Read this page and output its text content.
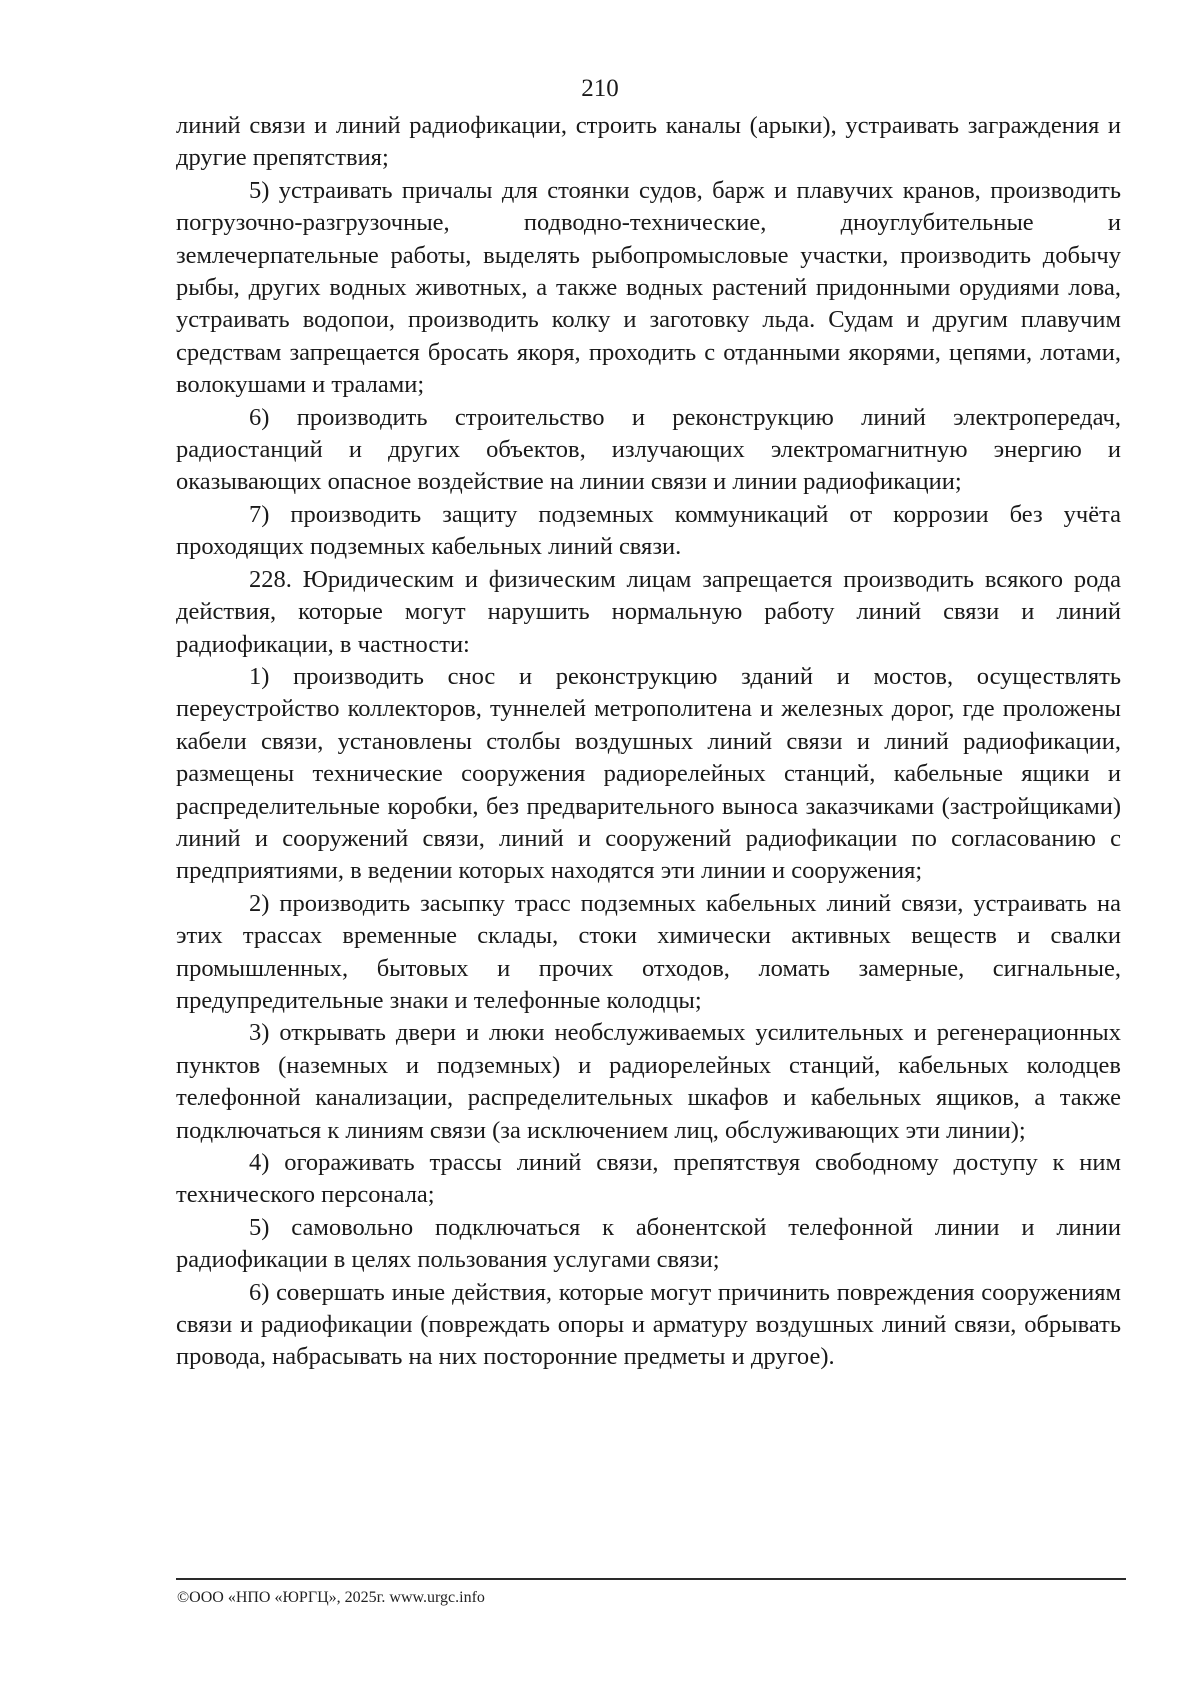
210

линий связи и линий радиофикации, строить каналы (арыки), устраивать заграждения и другие препятствия;

5) устраивать причалы для стоянки судов, барж и плавучих кранов, производить погрузочно-разгрузочные, подводно-технические, дноуглубительные и землечерпательные работы, выделять рыбопромысловые участки, производить добычу рыбы, других водных животных, а также водных растений придонными орудиями лова, устраивать водопои, производить колку и заготовку льда. Судам и другим плавучим средствам запрещается бросать якоря, проходить с отданными якорями, цепями, лотами, волокушами и тралами;

6) производить строительство и реконструкцию линий электропередач, радиостанций и других объектов, излучающих электромагнитную энергию и оказывающих опасное воздействие на линии связи и линии радиофикации;

7) производить защиту подземных коммуникаций от коррозии без учёта проходящих подземных кабельных линий связи.

228. Юридическим и физическим лицам запрещается производить всякого рода действия, которые могут нарушить нормальную работу линий связи и линий радиофикации, в частности:

1) производить снос и реконструкцию зданий и мостов, осуществлять переустройство коллекторов, туннелей метрополитена и железных дорог, где проложены кабели связи, установлены столбы воздушных линий связи и линий радиофикации, размещены технические сооружения радиорелейных станций, кабельные ящики и распределительные коробки, без предварительного выноса заказчиками (застройщиками) линий и сооружений связи, линий и сооружений радиофикации по согласованию с предприятиями, в ведении которых находятся эти линии и сооружения;

2) производить засыпку трасс подземных кабельных линий связи, устраивать на этих трассах временные склады, стоки химически активных веществ и свалки промышленных, бытовых и прочих отходов, ломать замерные, сигнальные, предупредительные знаки и телефонные колодцы;

3) открывать двери и люки необслуживаемых усилительных и регенерационных пунктов (наземных и подземных) и радиорелейных станций, кабельных колодцев телефонной канализации, распределительных шкафов и кабельных ящиков, а также подключаться к линиям связи (за исключением лиц, обслуживающих эти линии);

4) огораживать трассы линий связи, препятствуя свободному доступу к ним технического персонала;

5) самовольно подключаться к абонентской телефонной линии и линии радиофикации в целях пользования услугами связи;

6) совершать иные действия, которые могут причинить повреждения сооружениям связи и радиофикации (повреждать опоры и арматуру воздушных линий связи, обрывать провода, набрасывать на них посторонние предметы и другое).

©ООО «НПО «ЮРГЦ», 2025г. www.urgc.info
